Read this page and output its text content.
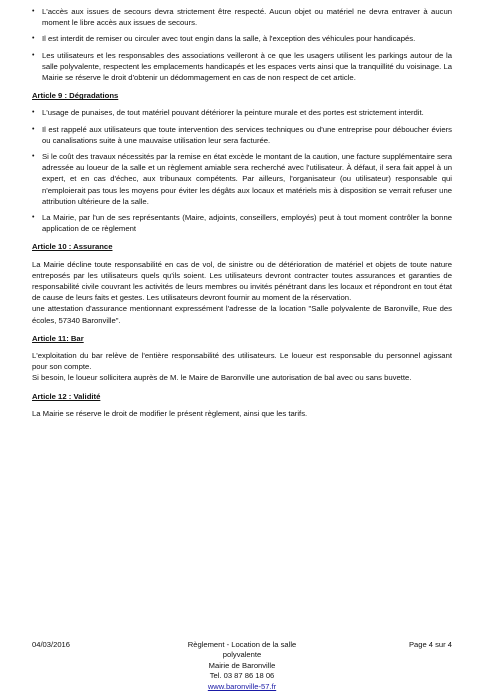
• L'accès aux issues de secours devra strictement être respecté. Aucun objet ou matériel ne devra entraver à aucun moment le libre accès aux issues de secours.
• Il est interdit de remiser ou circuler avec tout engin dans la salle, à l'exception des véhicules pour handicapés.
• Les utilisateurs et les responsables des associations veilleront à ce que les usagers utilisent les parkings autour de la salle polyvalente, respectent les emplacements handicapés et les espaces verts ainsi que la tranquillité du voisinage. La Mairie se réserve le droit d'obtenir un dédommagement en cas de non respect de cet article.
Article 9 : Dégradations
• L'usage de punaises, de tout matériel pouvant détériorer la peinture murale et des portes est strictement interdit.
• Il est rappelé aux utilisateurs que toute intervention des services techniques ou d'une entreprise pour déboucher éviers ou canalisations suite à une mauvaise utilisation leur sera facturée.
• Si le coût des travaux nécessités par la remise en état excède le montant de la caution, une facture supplémentaire sera adressée au loueur de la salle et un règlement amiable sera recherché avec l'utilisateur. À défaut, il sera fait appel à un expert, et en cas d'échec, aux tribunaux compétents. Par ailleurs, l'organisateur (ou utilisateur) responsable qui n'emploierait pas tous les moyens pour éviter les dégâts aux locaux et matériels mis à disposition se verrait refuser une attribution ultérieure de la salle.
• La Mairie, par l'un de ses représentants (Maire, adjoints, conseillers, employés) peut à tout moment contrôler la bonne application de ce règlement
Article 10 : Assurance

La Mairie décline toute responsabilité en cas de vol, de sinistre ou de détérioration de matériel et objets de toute nature entreposés par les utilisateurs quels qu'ils soient. Les utilisateurs devront contracter toutes assurances et garanties de responsabilité civile couvrant les activités de leurs membres ou invités pénétrant dans les locaux et répondront en tout état de cause de leurs faits et gestes. Les utilisateurs devront fournir au moment de la réservation.

une attestation d'assurance mentionnant expressément l'adresse de la location "Salle polyvalente de Baronville, Rue des écoles, 57340 Baronville".

Article 11: Bar

L'exploitation du bar relève de l'entière responsabilité des utilisateurs. Le loueur est responsable du personnel agissant pour son compte.

Si besoin, le loueur sollicitera auprès de M. le Maire de Baronville une autorisation de bal avec ou sans buvette.

Article 12 : Validité

La Mairie se réserve le droit de modifier le présent règlement, ainsi que les tarifs.

04/03/2016	Règlement - Location de la salle polyvalente
Mairie de Baronville
Tel. 03 87 86 18 06
www.baronville-57.fr
Page 4 sur 4
